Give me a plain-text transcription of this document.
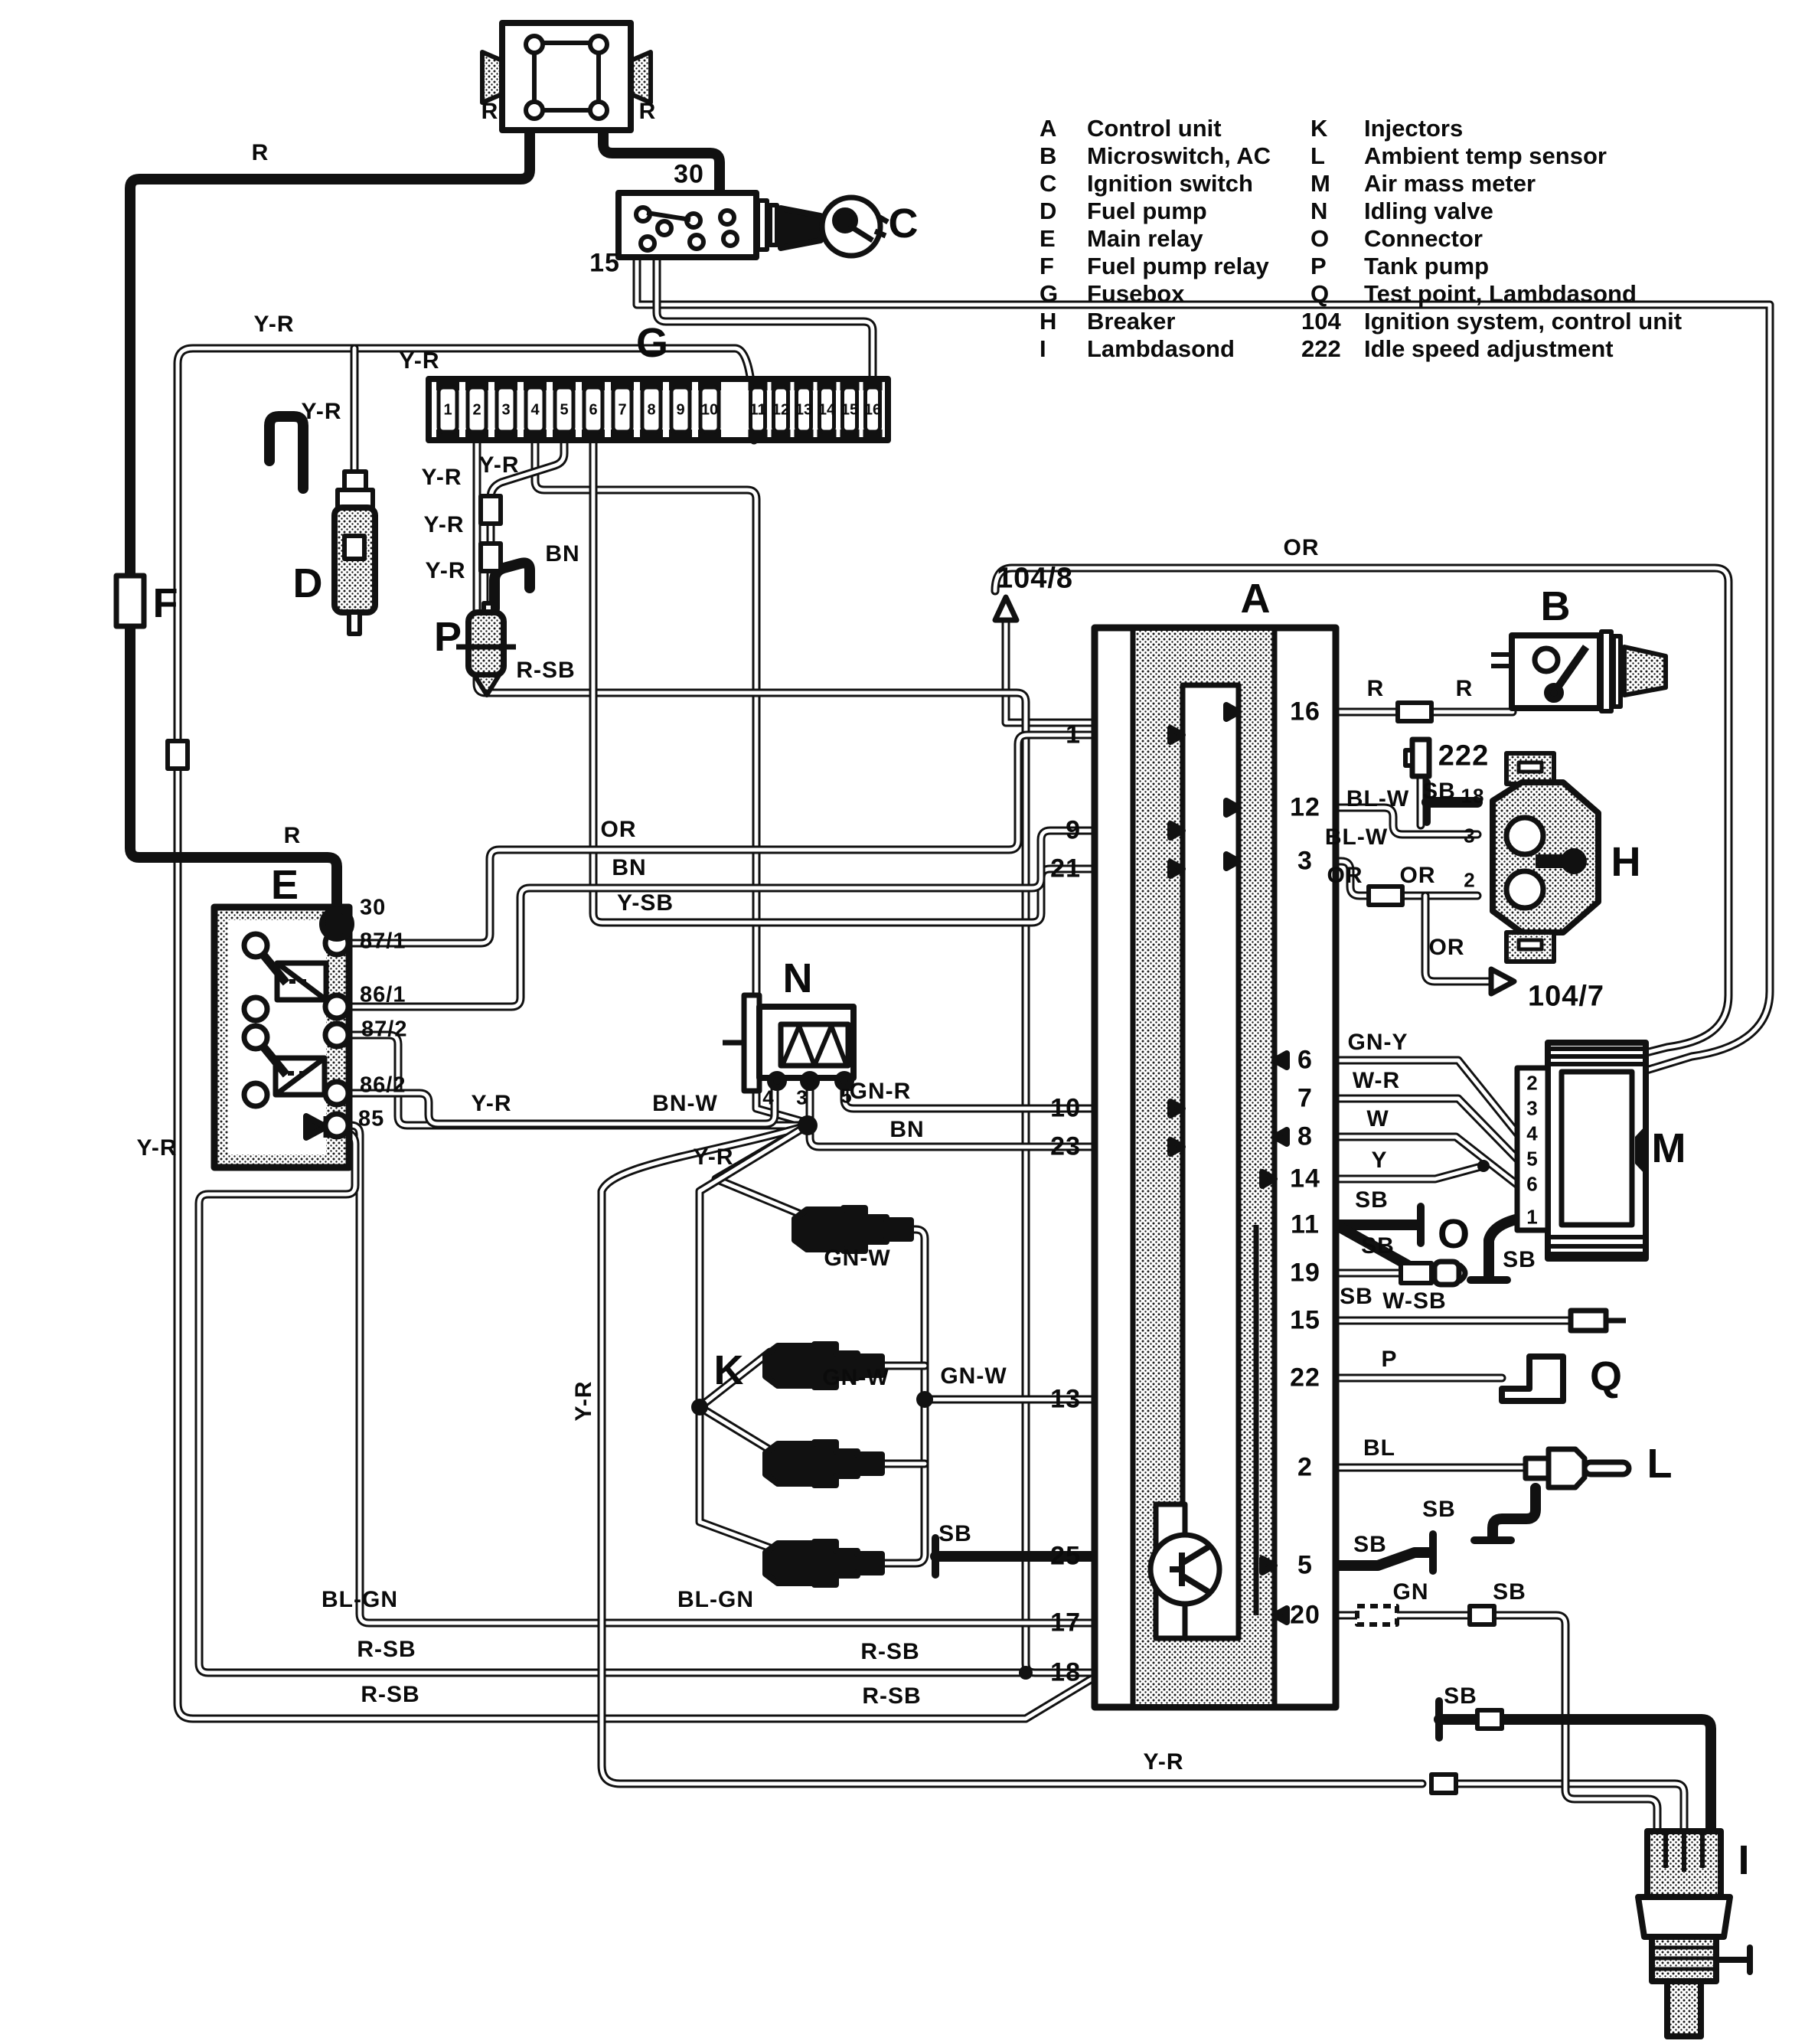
A Control unit
B Microswitch, AC
C Ignition switch
D Fuel pump
E Main relay
F Fuel pump relay
G Fusebox
H Breaker
I Lambdasond
K Injectors
L Ambient temp sensor
M Air mass meter
N Idling valve
O Connector
P Tank pump
Q Test point, Lambdasond
104 Ignition system, control unit
222 Idle speed adjustment
A	B
C
D
E
F
G
H
I
K
L
M
N
O
P
Q
104/8
104/7
222
30
15
1
9
21
10
23
13
25
17
18
16
12
3
6
7
8
14
11
19
15
22
2
5
20
30
87/1
86/1
87/2
86/2
85
4 3 5
2
3
4
5
6
1
18
3
2
1 2 3 4 5 6 7 8 9 10 11 12 13 14 15 16
R
R	R
R
R	R
Y-R
Y-R
Y-R
Y-R
Y-R
Y-R
Y-R
Y-R
Y-R
Y-R
Y-R
Y-R
BN
BN
BN
OR
OR
OR OR
OR
Y-SB
BN-W	GN-R
R-SB
R-SB	R-SB
R-SB	R-SB
BL-GN	BL-GN
BL-W
BL-W
SB
GN-Y
W-R
W
Y
SB
SB
SB
SB
W-SB
P
BL
SB
SB
GN	SB
SB
SB
GN-W
GN-W GN-W
